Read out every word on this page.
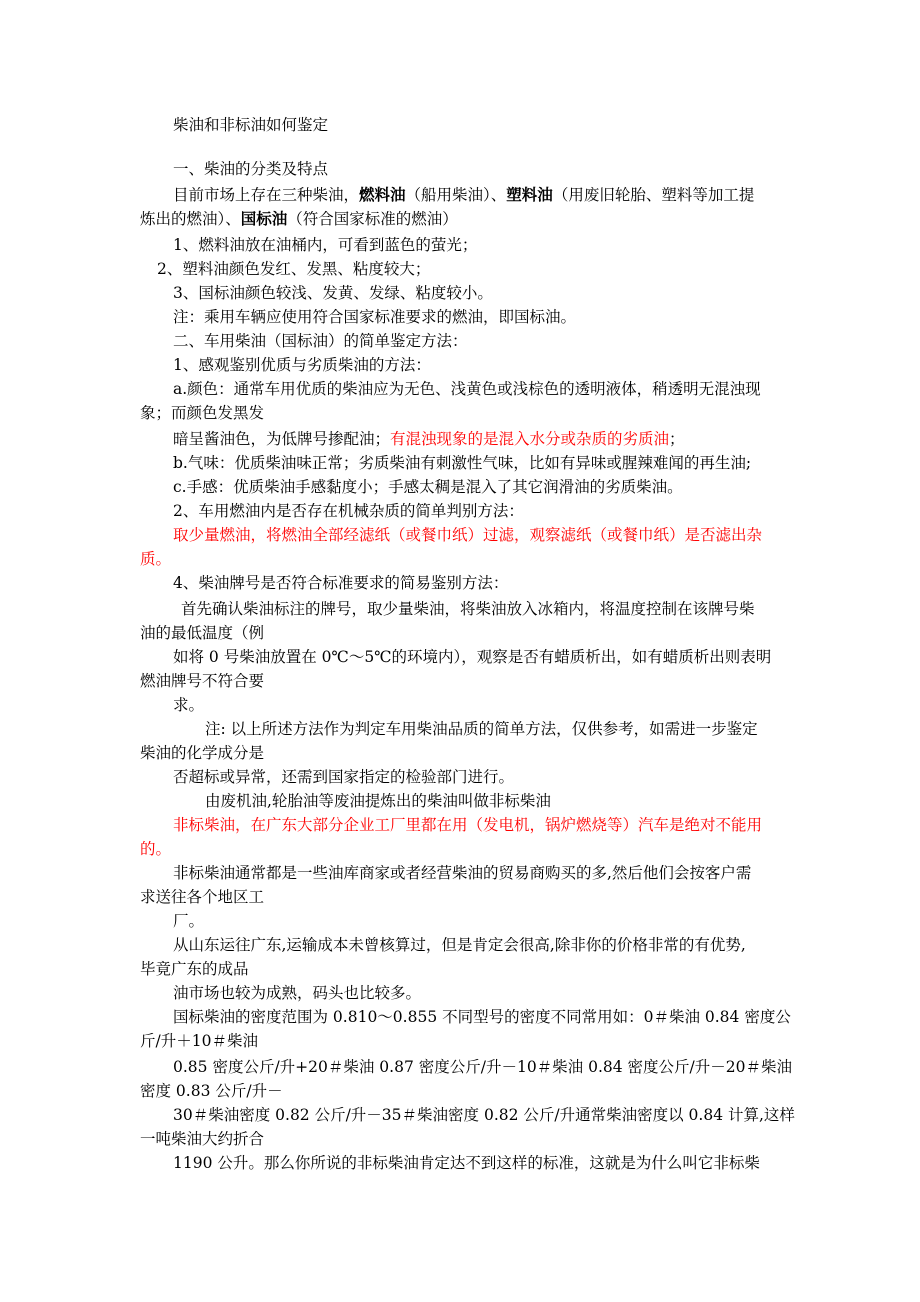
柴油和非标油如何鉴定
一、柴油的分类及特点
目前市场上存在三种柴油，燃料油（船用柴油）、塑料油（用废旧轮胎、塑料等加工提
炼出的燃油）、国标油（符合国家标准的燃油）
1、燃料油放在油桶内，可看到蓝色的萤光；
2、塑料油颜色发红、发黑、粘度较大；
3、国标油颜色较浅、发黄、发绿、粘度较小。
注：乘用车辆应使用符合国家标准要求的燃油，即国标油。
二、车用柴油（国标油）的简单鉴定方法：
1、感观鉴别优质与劣质柴油的方法：
a.颜色：通常车用优质的柴油应为无色、浅黄色或浅棕色的透明液体，稍透明无混浊现
象；而颜色发黑发
暗呈酱油色，为低牌号掺配油；有混浊现象的是混入水分或杂质的劣质油；
b.气味：优质柴油味正常；劣质柴油有刺激性气味，比如有异味或腥辣难闻的再生油;
c.手感：优质柴油手感黏度小；手感太稠是混入了其它润滑油的劣质柴油。
2、车用燃油内是否存在机械杂质的简单判别方法：
取少量燃油，将燃油全部经滤纸（或餐巾纸）过滤，观察滤纸（或餐巾纸）是否滤出杂
质。
4、柴油牌号是否符合标准要求的简易鉴别方法：
首先确认柴油标注的牌号，取少量柴油，将柴油放入冰箱内，将温度控制在该牌号柴
油的最低温度（例
如将 0 号柴油放置在 0℃～5℃的环境内），观察是否有蜡质析出，如有蜡质析出则表明
燃油牌号不符合要
求。
注: 以上所述方法作为判定车用柴油品质的简单方法，仅供参考，如需进一步鉴定
柴油的化学成分是
否超标或异常，还需到国家指定的检验部门进行。
由废机油,轮胎油等废油提炼出的柴油叫做非标柴油
非标柴油，在广东大部分企业工厂里都在用（发电机，锅炉燃烧等）汽车是绝对不能用
的。
非标柴油通常都是一些油库商家或者经营柴油的贸易商购买的多,然后他们会按客户需
求送往各个地区工
厂。
从山东运往广东,运输成本未曾核算过，但是肯定会很高,除非你的价格非常的有优势,
毕竟广东的成品
油市场也较为成熟，码头也比较多。
国标柴油的密度范围为 0.810～0.855 不同型号的密度不同常用如：0＃柴油 0.84 密度公
斤/升＋10＃柴油
0.85 密度公斤/升+20＃柴油 0.87 密度公斤/升－10＃柴油 0.84 密度公斤/升－20＃柴油
密度 0.83 公斤/升－
30＃柴油密度 0.82 公斤/升－35＃柴油密度 0.82 公斤/升通常柴油密度以 0.84 计算,这样
一吨柴油大约折合
1190 公升。那么你所说的非标柴油肯定达不到这样的标准，这就是为什么叫它非标柴
